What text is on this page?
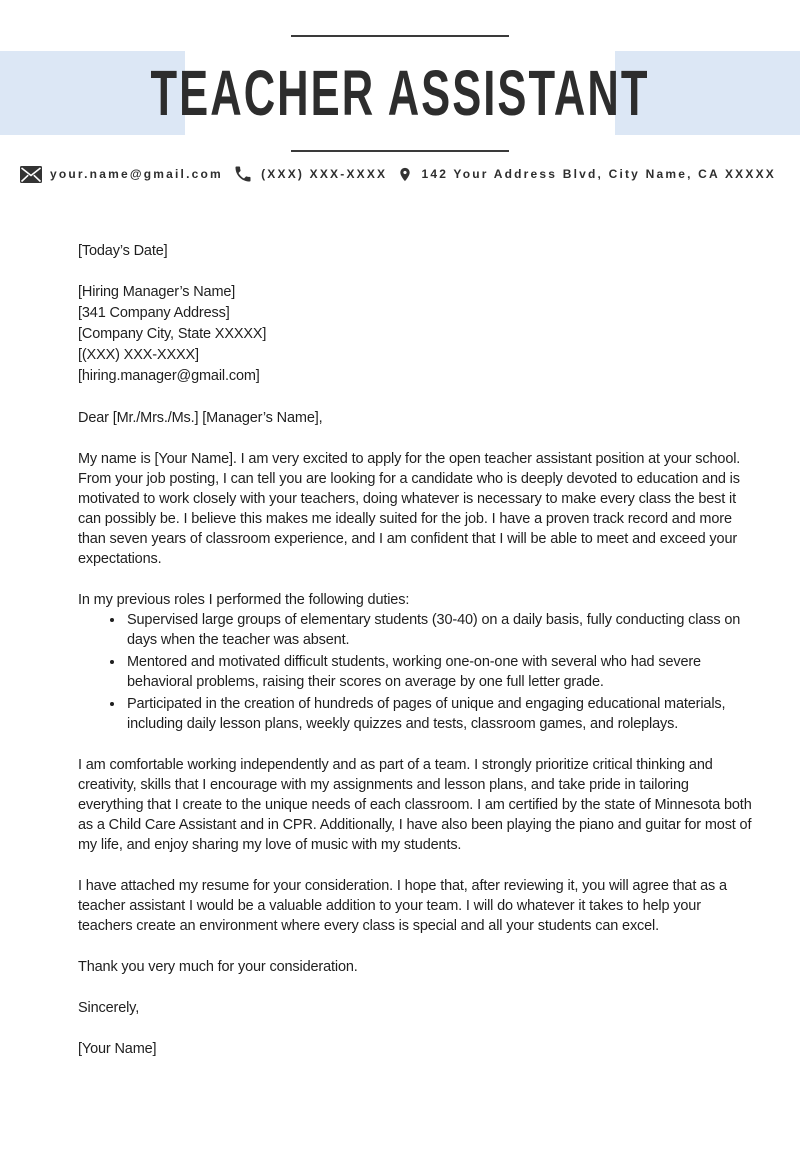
TEACHER ASSISTANT
your.name@gmail.com	(XXX) XXX-XXXX	142 Your Address Blvd, City Name, CA XXXXX

[Today’s Date]

[Hiring Manager’s Name]
[341 Company Address]
[Company City, State XXXXX]
[(XXX) XXX-XXXX]
[hiring.manager@gmail.com]

Dear [Mr./Mrs./Ms.] [Manager’s Name],

My name is [Your Name]. I am very excited to apply for the open teacher assistant position at your school. From your job posting, I can tell you are looking for a candidate who is deeply devoted to education and is motivated to work closely with your teachers, doing whatever is necessary to make every class the best it can possibly be. I believe this makes me ideally suited for the job. I have a proven track record and more than seven years of classroom experience, and I am confident that I will be able to meet and exceed your expectations.

In my previous roles I performed the following duties:

• Supervised large groups of elementary students (30-40) on a daily basis, fully conducting class on days when the teacher was absent.
• Mentored and motivated difficult students, working one-on-one with several who had severe behavioral problems, raising their scores on average by one full letter grade.
• Participated in the creation of hundreds of pages of unique and engaging educational materials, including daily lesson plans, weekly quizzes and tests, classroom games, and roleplays.

I am comfortable working independently and as part of a team. I strongly prioritize critical thinking and creativity, skills that I encourage with my assignments and lesson plans, and take pride in tailoring everything that I create to the unique needs of each classroom. I am certified by the state of Minnesota both as a Child Care Assistant and in CPR. Additionally, I have also been playing the piano and guitar for most of my life, and enjoy sharing my love of music with my students.

I have attached my resume for your consideration. I hope that, after reviewing it, you will agree that as a teacher assistant I would be a valuable addition to your team. I will do whatever it takes to help your teachers create an environment where every class is special and all your students can excel.

Thank you very much for your consideration.

Sincerely,

[Your Name]
